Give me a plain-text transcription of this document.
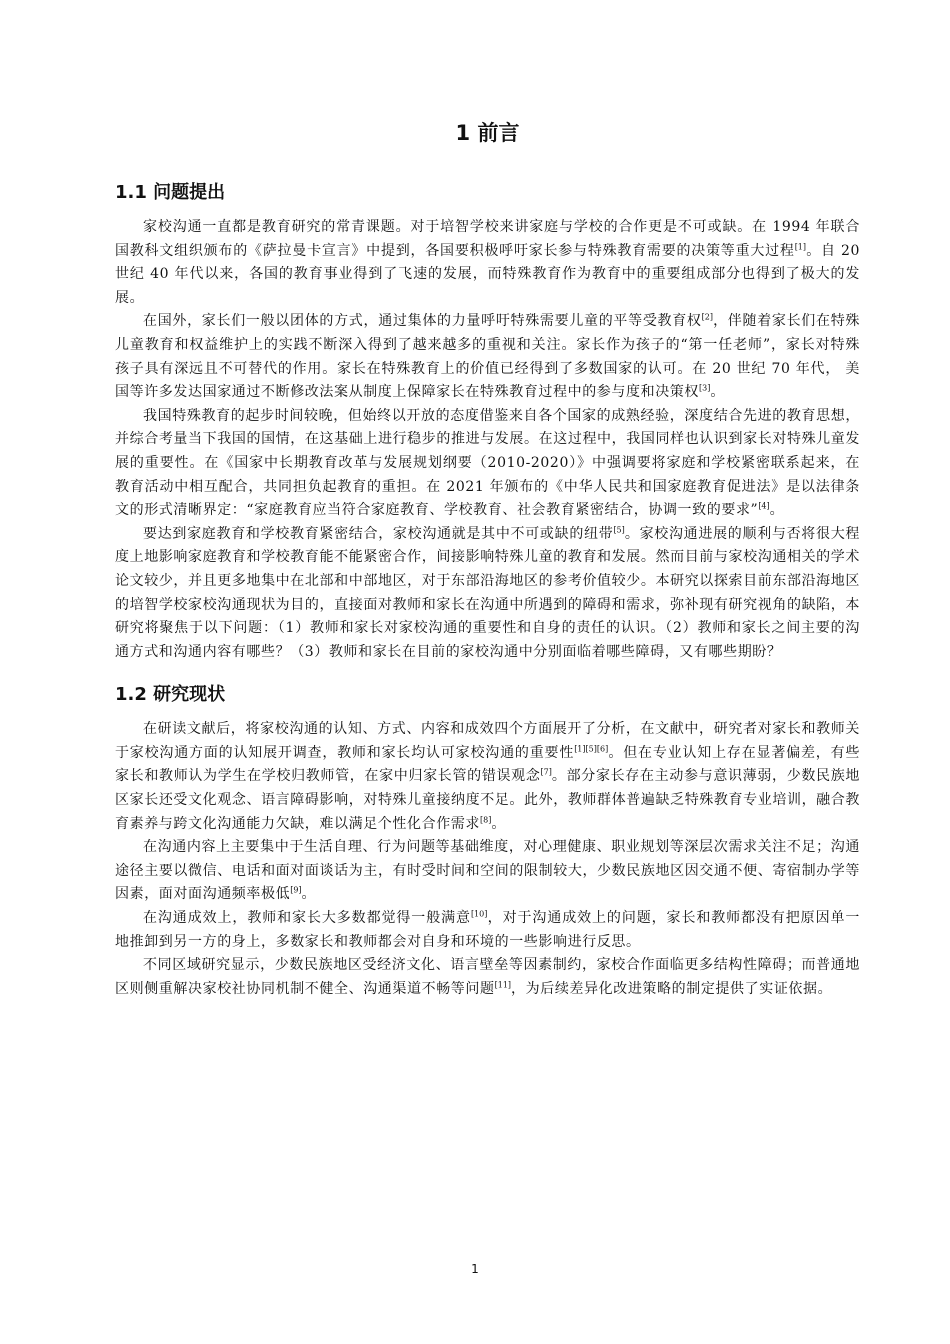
1 前言
1.1 问题提出

家校沟通一直都是教育研究的常青课题。对于培智学校来讲家庭与学校的合作更是不可或缺。在 1994 年联合国教科文组织颁布的《萨拉曼卡宣言》中提到，各国要积极呼吁家长参与特殊教育需要的决策等重大过程[1]。自 20 世纪 40 年代以来，各国的教育事业得到了飞速的发展，而特殊教育作为教育中的重要组成部分也得到了极大的发展。

在国外，家长们一般以团体的方式，通过集体的力量呼吁特殊需要儿童的平等受教育权[2]，伴随着家长们在特殊儿童教育和权益维护上的实践不断深入得到了越来越多的重视和关注。家长作为孩子的“第一任老师”，家长对特殊孩子具有深远且不可替代的作用。家长在特殊教育上的价值已经得到了多数国家的认可。在 20 世纪 70 年代， 美国等许多发达国家通过不断修改法案从制度上保障家长在特殊教育过程中的参与度和决策权[3]。

我国特殊教育的起步时间较晚，但始终以开放的态度借鉴来自各个国家的成熟经验，深度结合先进的教育思想，并综合考量当下我国的国情，在这基础上进行稳步的推进与发展。在这过程中，我国同样也认识到家长对特殊儿童发展的重要性。在《国家中长期教育改革与发展规划纲要（2010-2020）》中强调要将家庭和学校紧密联系起来，在教育活动中相互配合，共同担负起教育的重担。在 2021 年颁布的《中华人民共和国家庭教育促进法》是以法律条文的形式清晰界定：“家庭教育应当符合家庭教育、学校教育、社会教育紧密结合，协调一致的要求”[4]。

要达到家庭教育和学校教育紧密结合，家校沟通就是其中不可或缺的纽带[5]。家校沟通进展的顺利与否将很大程度上地影响家庭教育和学校教育能不能紧密合作，间接影响特殊儿童的教育和发展。然而目前与家校沟通相关的学术论文较少，并且更多地集中在北部和中部地区，对于东部沿海地区的参考价值较少。本研究以探索目前东部沿海地区的培智学校家校沟通现状为目的，直接面对教师和家长在沟通中所遇到的障碍和需求，弥补现有研究视角的缺陷，本研究将聚焦于以下问题：（1）教师和家长对家校沟通的重要性和自身的责任的认识。（2）教师和家长之间主要的沟通方式和沟通内容有哪些？（3）教师和家长在目前的家校沟通中分别面临着哪些障碍，又有哪些期盼？

1.2 研究现状

在研读文献后，将家校沟通的认知、方式、内容和成效四个方面展开了分析，在文献中，研究者对家长和教师关于家校沟通方面的认知展开调查，教师和家长均认可家校沟通的重要性[1][5][6]。但在专业认知上存在显著偏差，有些家长和教师认为学生在学校归教师管，在家中归家长管的错误观念[7]。部分家长存在主动参与意识薄弱，少数民族地区家长还受文化观念、语言障碍影响，对特殊儿童接纳度不足。此外，教师群体普遍缺乏特殊教育专业培训，融合教育素养与跨文化沟通能力欠缺，难以满足个性化合作需求[8]。

在沟通内容上主要集中于生活自理、行为问题等基础维度，对心理健康、职业规划等深层次需求关注不足；沟通途径主要以微信、电话和面对面谈话为主，有时受时间和空间的限制较大，少数民族地区因交通不便、寄宿制办学等因素，面对面沟通频率极低[9]。

在沟通成效上，教师和家长大多数都觉得一般满意[10]，对于沟通成效上的问题，家长和教师都没有把原因单一地推卸到另一方的身上，多数家长和教师都会对自身和环境的一些影响进行反思。

不同区域研究显示，少数民族地区受经济文化、语言壁垒等因素制约，家校合作面临更多结构性障碍；而普通地区则侧重解决家校社协同机制不健全、沟通渠道不畅等问题[11]，为后续差异化改进策略的制定提供了实证依据。

1
